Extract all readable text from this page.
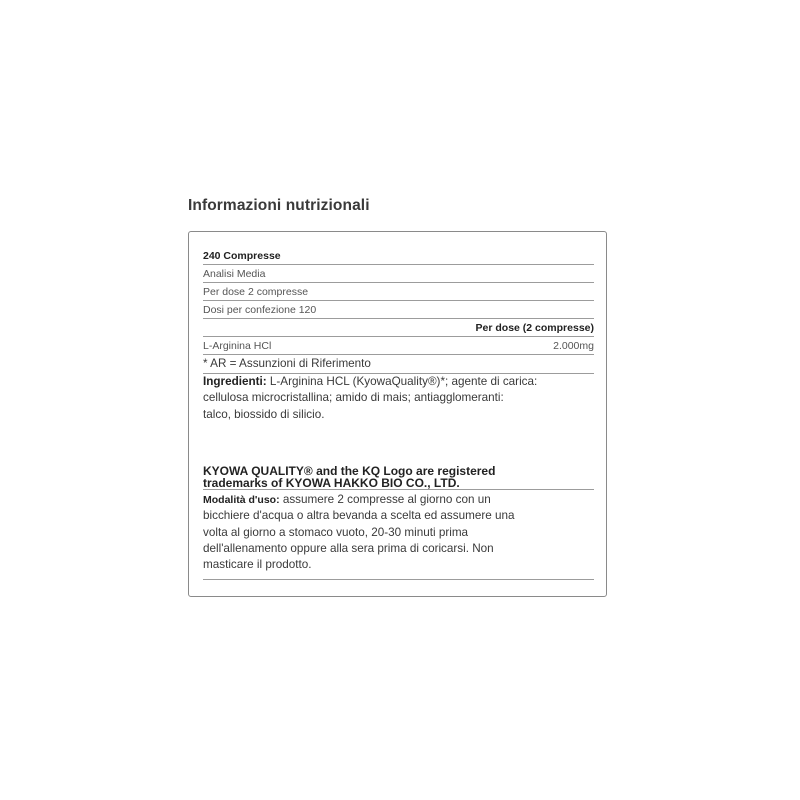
Informazioni nutrizionali
240 Compresse
Analisi Media
Per dose 2 compresse
Dosi per confezione 120
Per dose (2 compresse)
L-Arginina HCl	2.000mg
* AR = Assunzioni di Riferimento
Ingredienti: L-Arginina HCL (KyowaQuality®)*; agente di carica:
cellulosa microcristallina; amido di mais; antiagglomeranti:
talco, biossido di silicio.
KYOWA QUALITY® and the KQ Logo are registered
trademarks of KYOWA HAKKO BIO CO., LTD.
Modalità d'uso: assumere 2 compresse al giorno con un
bicchiere d'acqua o altra bevanda a scelta ed assumere una
volta al giorno a stomaco vuoto, 20-30 minuti prima
dell'allenamento oppure alla sera prima di coricarsi. Non
masticare il prodotto.
